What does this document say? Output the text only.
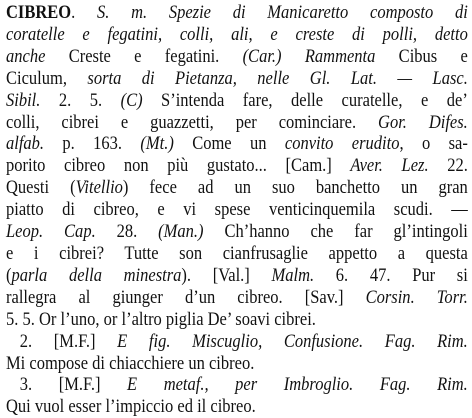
CIBREO. S. m. Spezie di Manicaretto composto di
coratelle e fegatini, colli, ali, e creste di polli, detto
anche Creste e fegatini. (Car.) Rammenta Cibus e
Ciculum, sorta di Pietanza, nelle Gl. Lat. — Lasc.
Sibil. 2. 5. (C) S’intenda fare, delle curatelle, e de’
colli, cibrei e guazzetti, per cominciare. Gor. Difes.
alfab. p. 163. (Mt.) Come un convito erudito, o sa-
porito cibreo non più gustato... [Cam.] Aver. Lez. 22.
Questi (Vitellio) fece ad un suo banchetto un gran
piatto di cibreo, e vi spese venticinquemila scudi. —
Leop. Cap. 28. (Man.) Ch’hanno che far gl’intingoli
e i cibrei? Tutte son cianfrusaglie appetto a questa
(parla della minestra). [Val.] Malm. 6. 47. Pur si
rallegra al giunger d’un cibreo. [Sav.] Corsin. Torr.
5. 5. Or l’uno, or l’altro piglia De’ soavi cibrei.
2. [M.F.] E fig. Miscuglio, Confusione. Fag. Rim.
Mi compose di chiacchiere un cibreo.
3. [M.F.] E metaf., per Imbroglio. Fag. Rim.
Qui vuol esser l’impiccio ed il cibreo.
